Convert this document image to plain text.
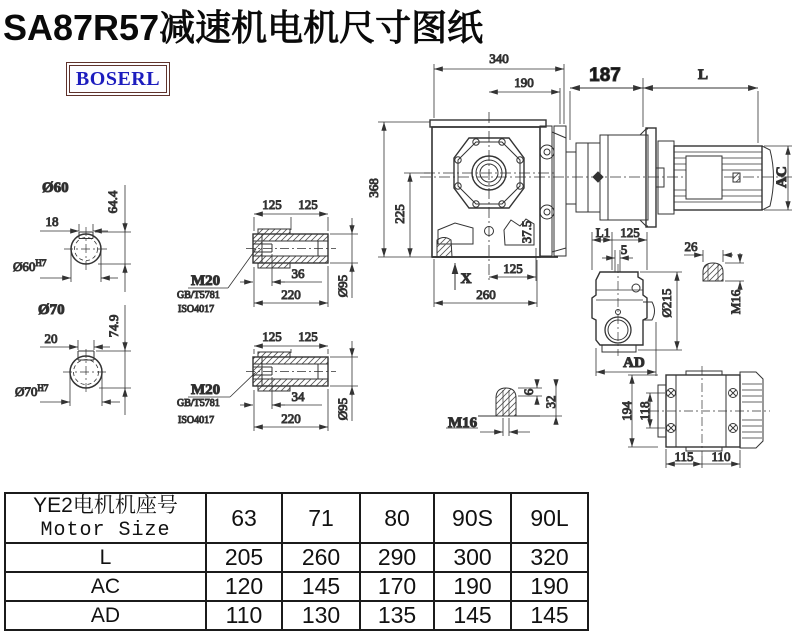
SA87R57减速机电机尺寸图纸
BOSERL
340
190	187	L
AC
368
225
37.5
125
260
X
Ø60
18
64.4
$Ø60^{H7}$
Ø70
20
74.9
$Ø70^{H7}$
125 125
36
220	Ø95
M20
GB/T5781
ISO4017
125 125
34
220	Ø95
M20
GB/T5781
ISO4017
L1 125
5
Ø215
AD
26
M16
6
32
M16
194 118
115 110
YE2电机机座号
Motor Size	63	71	80	90S	90L
L	205	260	290	300	320
AC	120	145	170	190	190
AD	110	130	135	145	145
